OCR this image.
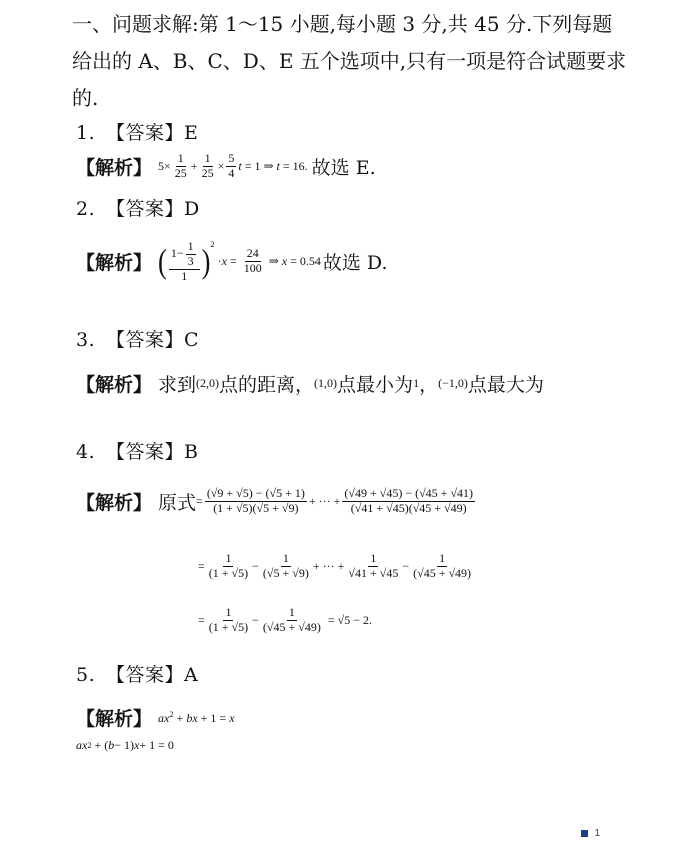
一、问题求解:第 1～15 小题,每小题 3 分,共 45 分.下列每题给出的 A、B、C、D、E 五个选项中,只有一项是符合试题要求的.
1. 【答案】E
【解析】 $5\times \frac{1}{25} + \frac{1}{25} \times \frac{5}{4}$ t = 1 ⇒ t = 16. 故选 E.
2. 【答案】D
【解析】 ( $\frac{1- \frac{1}{3}}{1}$ ) 2
· $x = \frac{24}{100}$ ⇒ x = 0.54 故选 D.
3. 【答案】C
【解析】 求到 (2,0) 点的距离， (1,0) 点最小为 1 ， (−1,0) 点最大为
4. 【答案】B
【解析】 原式 = $\frac{(√9 + √5) - (√5 + 1)}{(1 + √5)(√5 + √9)}$ + ··· + $\frac{(√49 + √45) - (√45 + √41)}{(√41 + √45)(√45 + √49)}$
= $\frac{1}{(1 + √5)} - \frac{1}{(√5 + √9)}$ + ··· + $\frac{1}{√41 + √45} - \frac{1}{(√45 + √49)}$
= $\frac{1}{(1 + √5)} - \frac{1}{(√45 + √49)}$
= √5 − 2.
5. 【答案】A
【解析】 $ax^2$ + bx + 1 = x
ax 2 + ( b − 1) x + 1 = 0
1
